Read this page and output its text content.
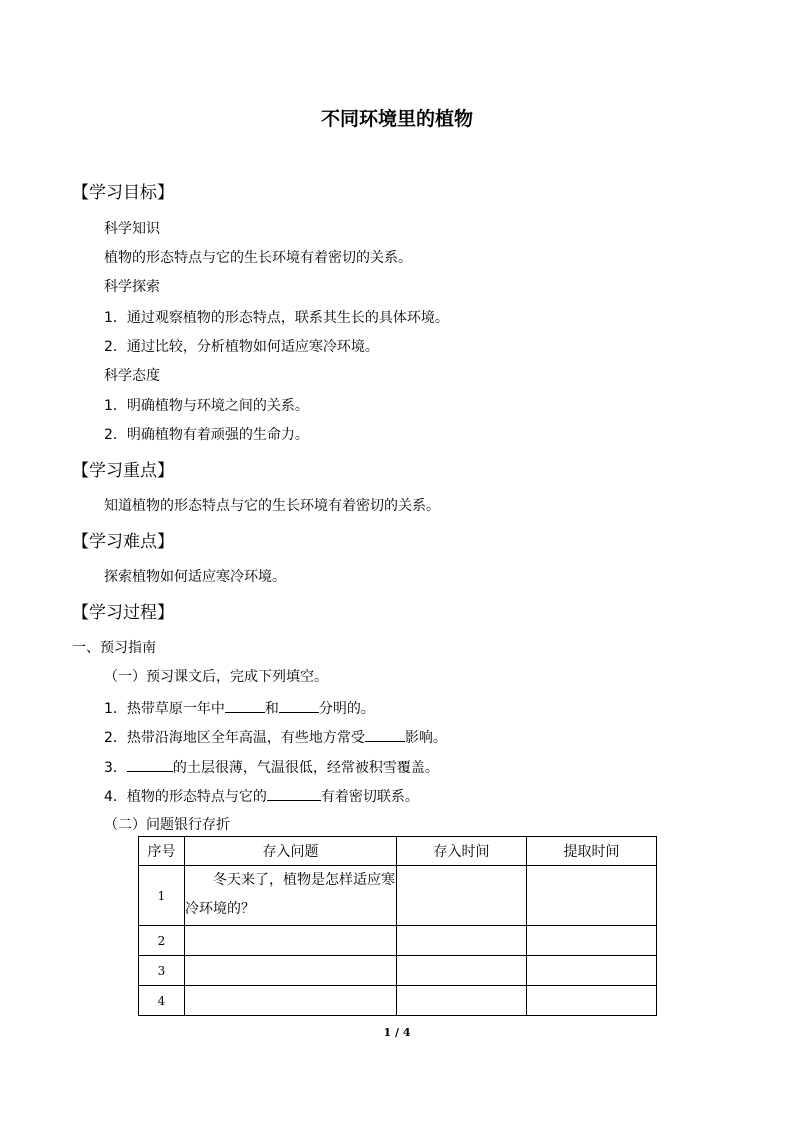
不同环境里的植物
【学习目标】
科学知识
植物的形态特点与它的生长环境有着密切的关系。
科学探索
1．通过观察植物的形态特点，联系其生长的具体环境。
2．通过比较，分析植物如何适应寒冷环境。
科学态度
1．明确植物与环境之间的关系。
2．明确植物有着顽强的生命力。
【学习重点】
知道植物的形态特点与它的生长环境有着密切的关系。
【学习难点】
探索植物如何适应寒冷环境。
【学习过程】
一、预习指南
（一）预习课文后，完成下列填空。
1．热带草原一年中	和	分明的。
2．热带沿海地区全年高温，有些地方常受	影响。
3．	的土层很薄，气温很低，经常被积雪覆盖。
4．植物的形态特点与它的	有着密切联系。
（二）问题银行存折
序号	存入问题	存入时间	提取时间
1	冬天来了，植物是怎样适应寒冷环境的？		
2			
3			
4			
1 / 4
